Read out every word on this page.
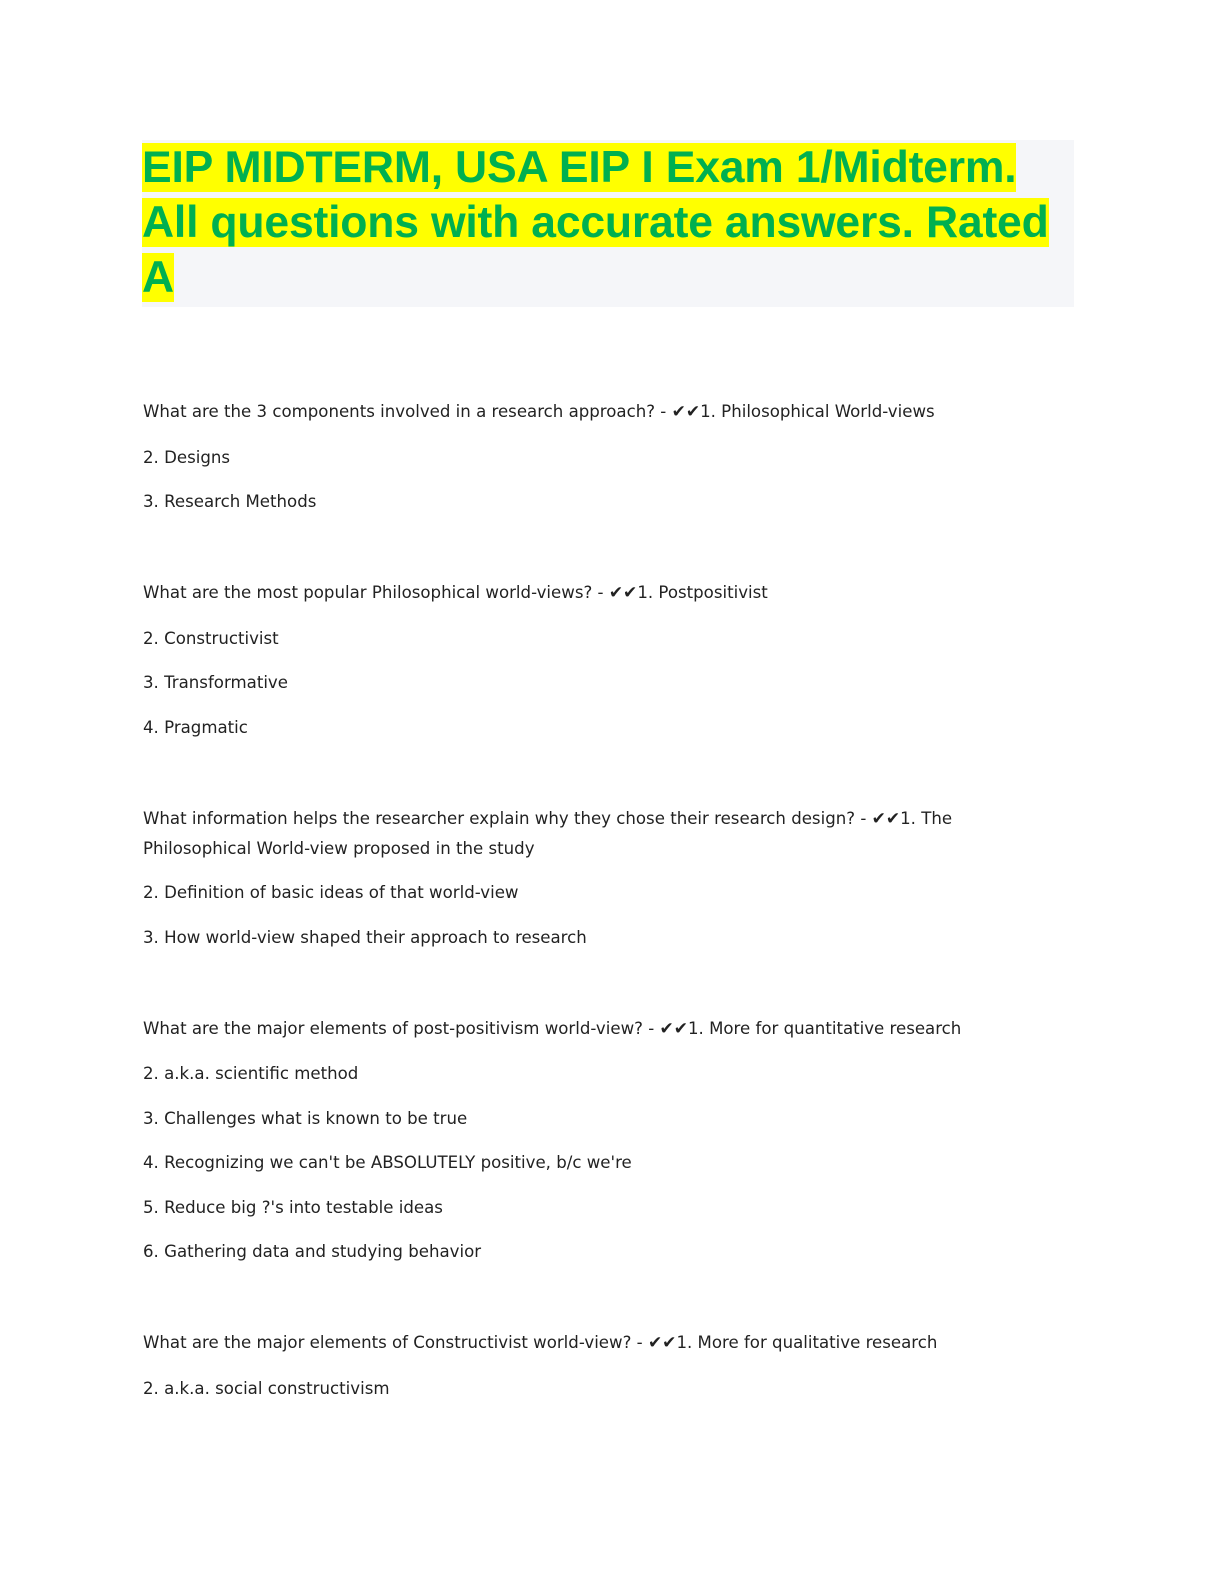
EIP MIDTERM, USA EIP I Exam 1/Midterm. All questions with accurate answers. Rated A

What are the 3 components involved in a research approach? - ✔✔1. Philosophical World-views

2. Designs

3. Research Methods

What are the most popular Philosophical world-views? - ✔✔1. Postpositivist

2. Constructivist

3. Transformative

4. Pragmatic

What information helps the researcher explain why they chose their research design? - ✔✔1. The Philosophical World-view proposed in the study

2. Definition of basic ideas of that world-view

3. How world-view shaped their approach to research

What are the major elements of post-positivism world-view? - ✔✔1. More for quantitative research

2. a.k.a. scientific method

3. Challenges what is known to be true

4. Recognizing we can't be ABSOLUTELY positive, b/c we're

5. Reduce big ?'s into testable ideas

6. Gathering data and studying behavior

What are the major elements of Constructivist world-view? - ✔✔1. More for qualitative research

2. a.k.a. social constructivism
